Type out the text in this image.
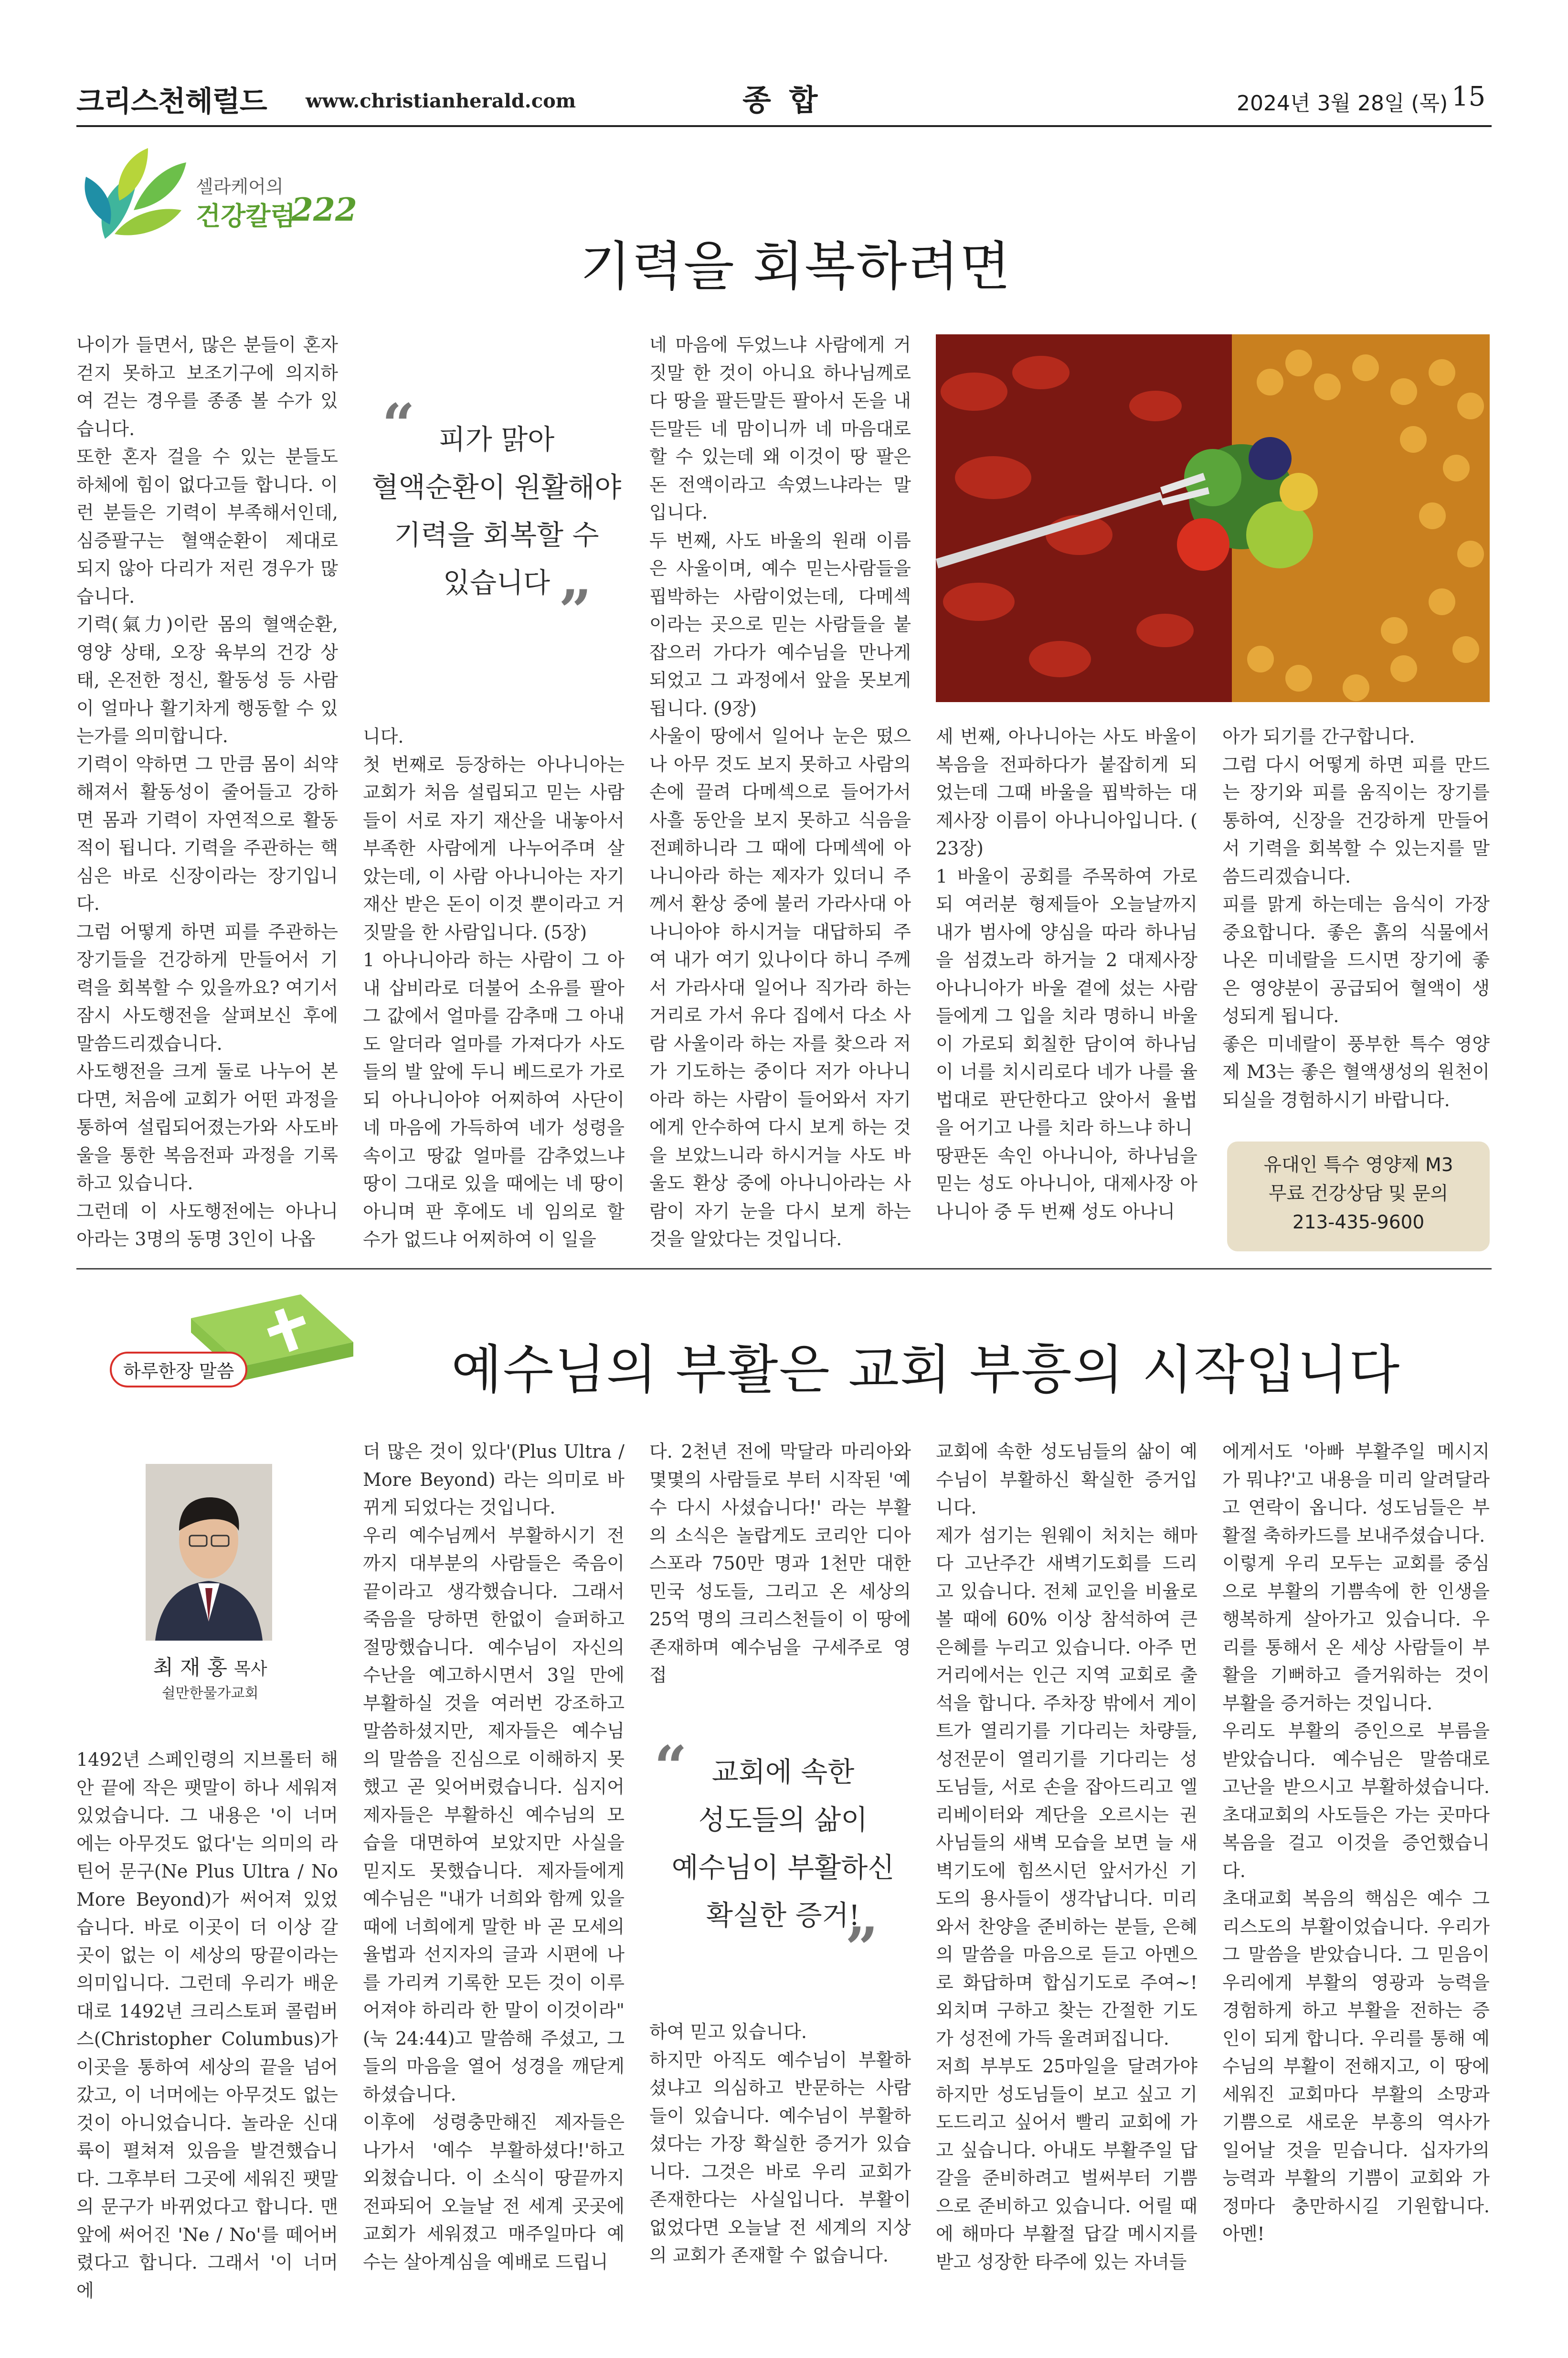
크리스천헤럴드 www.christianherald.com	종 합	2024년 3월 28일 (목) 15
셀라케어의
건강칼럼
222
기력을 회복하려면
나이가 들면서, 많은 분들이 혼자 걷지 못하고 보조기구에 의지하여 걷는 경우를 종종 볼 수가 있습니다.
또한 혼자 걸을 수 있는 분들도 하체에 힘이 없다고들 합니다. 이런 분들은 기력이 부족해서인데, 심증팔구는 혈액순환이 제대로 되지 않아 다리가 저린 경우가 많습니다.
기력(氣力)이란 몸의 혈액순환, 영양 상태, 오장 육부의 건강 상태, 온전한 정신, 활동성 등 사람이 얼마나 활기차게 행동할 수 있는가를 의미합니다.
기력이 약하면 그 만큼 몸이 쇠약해져서 활동성이 줄어들고 강하면 몸과 기력이 자연적으로 활동적이 됩니다. 기력을 주관하는 핵심은 바로 신장이라는 장기입니다.
그럼 어떻게 하면 피를 주관하는 장기들을 건강하게 만들어서 기력을 회복할 수 있을까요? 여기서 잠시 사도행전을 살펴보신 후에 말씀드리겠습니다.
사도행전을 크게 둘로 나누어 본다면, 처음에 교회가 어떤 과정을 통하여 설립되어졌는가와 사도바울을 통한 복음전파 과정을 기록하고 있습니다.
그런데 이 사도행전에는 아나니아라는 3명의 동명 3인이 나옵
“ 피가 맑아
혈액순환이 원활해야
기력을 회복할 수
있습니다 ”
니다.
첫 번째로 등장하는 아나니아는 교회가 처음 설립되고 믿는 사람들이 서로 자기 재산을 내놓아서 부족한 사람에게 나누어주며 살았는데, 이 사람 아나니아는 자기 재산 받은 돈이 이것 뿐이라고 거짓말을 한 사람입니다. (5장)
1 아나니아라 하는 사람이 그 아내 삽비라로 더불어 소유를 팔아 그 값에서 얼마를 감추매 그 아내도 알더라 얼마를 가져다가 사도들의 발 앞에 두니 베드로가 가로되 아나니아야 어찌하여 사단이 네 마음에 가득하여 네가 성령을 속이고 땅값 얼마를 감추었느냐 땅이 그대로 있을 때에는 네 땅이 아니며 판 후에도 네 임의로 할 수가 없드냐 어찌하여 이 일을
네 마음에 두었느냐 사람에게 거짓말 한 것이 아니요 하나님께로다 땅을 팔든말든 팔아서 돈을 내든말든 네 맘이니까 네 마음대로 할 수 있는데 왜 이것이 땅 팔은 돈 전액이라고 속였느냐라는 말입니다.
두 번째, 사도 바울의 원래 이름은 사울이며, 예수 믿는사람들을 핍박하는 사람이었는데, 다메섹이라는 곳으로 믿는 사람들을 붙잡으러 가다가 예수님을 만나게 되었고 그 과정에서 앞을 못보게 됩니다. (9장)
사울이 땅에서 일어나 눈은 떴으나 아무 것도 보지 못하고 사람의 손에 끌려 다메섹으로 들어가서 사흘 동안을 보지 못하고 식음을 전폐하니라 그 때에 다메섹에 아나니아라 하는 제자가 있더니 주께서 환상 중에 불러 가라사대 아나니아야 하시거늘 대답하되 주여 내가 여기 있나이다 하니 주께서 가라사대 일어나 직가라 하는 거리로 가서 유다 집에서 다소 사람 사울이라 하는 자를 찾으라 저가 기도하는 중이다 저가 아나니아라 하는 사람이 들어와서 자기에게 안수하여 다시 보게 하는 것을 보았느니라 하시거늘 사도 바울도 환상 중에 아나니아라는 사람이 자기 눈을 다시 보게 하는 것을 알았다는 것입니다.
세 번째, 아나니아는 사도 바울이 복음을 전파하다가 붙잡히게 되었는데 그때 바울을 핍박하는 대제사장 이름이 아나니아입니다. ( 23장)
1 바울이 공회를 주목하여 가로되 여러분 형제들아 오늘날까지 내가 범사에 양심을 따라 하나님을 섬겼노라 하거늘 2 대제사장 아나니아가 바울 곁에 섰는 사람들에게 그 입을 치라 명하니 바울이 가로되 회칠한 담이여 하나님이 너를 치시리로다 네가 나를 율법대로 판단한다고 앉아서 율법을 어기고 나를 치라 하느냐 하니
땅판돈 속인 아나니아, 하나님을 믿는 성도 아나니아, 대제사장 아나니아 중 두 번째 성도 아나니
아가 되기를 간구합니다.
그럼 다시 어떻게 하면 피를 만드는 장기와 피를 움직이는 장기를 통하여, 신장을 건강하게 만들어서 기력을 회복할 수 있는지를 말씀드리겠습니다.
피를 맑게 하는데는 음식이 가장 중요합니다. 좋은 흙의 식물에서 나온 미네랄을 드시면 장기에 좋은 영양분이 공급되어 혈액이 생성되게 됩니다.
좋은 미네랄이 풍부한 특수 영양제 M3는 좋은 혈액생성의 원천이 되실을 경험하시기 바랍니다.
유대인 특수 영양제 M3
무료 건강상담 및 문의
213-435-9600
하루한장 말씀	예수님의 부활은 교회 부흥의 시작입니다
최 재 홍 목사
쉴만한물가교회
1492년 스페인령의 지브롤터 해안 끝에 작은 팻말이 하나 세워져 있었습니다. 그 내용은 '이 너머에는 아무것도 없다'는 의미의 라틴어 문구(Ne Plus Ultra / No More Beyond)가 써어져 있었습니다. 바로 이곳이 더 이상 갈 곳이 없는 이 세상의 땅끝이라는 의미입니다. 그런데 우리가 배운대로 1492년 크리스토퍼 콜럼버스(Christopher Columbus)가 이곳을 통하여 세상의 끝을 넘어갔고, 이 너머에는 아무것도 없는 것이 아니었습니다. 놀라운 신대륙이 펼쳐져 있음을 발견했습니다. 그후부터 그곳에 세워진 팻말의 문구가 바뀌었다고 합니다. 맨 앞에 써어진 'Ne / No'를 떼어버렸다고 합니다. 그래서 '이 너머에
더 많은 것이 있다'(Plus Ultra / More Beyond) 라는 의미로 바뀌게 되었다는 것입니다.
우리 예수님께서 부활하시기 전까지 대부분의 사람들은 죽음이 끝이라고 생각했습니다. 그래서 죽음을 당하면 한없이 슬퍼하고 절망했습니다. 예수님이 자신의 수난을 예고하시면서 3일 만에 부활하실 것을 여러번 강조하고 말씀하셨지만, 제자들은 예수님의 말씀을 진심으로 이해하지 못했고 곧 잊어버렸습니다. 심지어 제자들은 부활하신 예수님의 모습을 대면하여 보았지만 사실을 믿지도 못했습니다. 제자들에게 예수님은 "내가 너희와 함께 있을 때에 너희에게 말한 바 곧 모세의 율법과 선지자의 글과 시편에 나를 가리켜 기록한 모든 것이 이루어져야 하리라 한 말이 이것이라"(눅 24:44)고 말씀해 주셨고, 그들의 마음을 열어 성경을 깨닫게 하셨습니다.
이후에 성령충만해진 제자들은 나가서 '예수 부활하셨다!'하고 외쳤습니다. 이 소식이 땅끝까지 전파되어 오늘날 전 세계 곳곳에 교회가 세워졌고 매주일마다 예수는 살아계심을 예배로 드립니
다. 2천년 전에 막달라 마리아와 몇몇의 사람들로 부터 시작된 '예수 다시 사셨습니다!' 라는 부활의 소식은 놀랍게도 코리안 디아스포라 750만 명과 1천만 대한민국 성도들, 그리고 온 세상의 25억 명의 크리스천들이 이 땅에 존재하며 예수님을 구세주로 영접
“ 교회에 속한
성도들의 삶이
예수님이 부활하신
확실한 증거!
”
하여 믿고 있습니다.
하지만 아직도 예수님이 부활하셨냐고 의심하고 반문하는 사람들이 있습니다. 예수님이 부활하셨다는 가장 확실한 증거가 있습니다. 그것은 바로 우리 교회가 존재한다는 사실입니다. 부활이 없었다면 오늘날 전 세계의 지상의 교회가 존재할 수 없습니다.
교회에 속한 성도님들의 삶이 예수님이 부활하신 확실한 증거입니다.
제가 섬기는 원웨이 처치는 해마다 고난주간 새벽기도회를 드리고 있습니다. 전체 교인을 비율로 볼 때에 60% 이상 참석하여 큰 은혜를 누리고 있습니다. 아주 먼 거리에서는 인근 지역 교회로 출석을 합니다. 주차장 밖에서 게이트가 열리기를 기다리는 차량들, 성전문이 열리기를 기다리는 성도님들, 서로 손을 잡아드리고 엘리베이터와 계단을 오르시는 권사님들의 새벽 모습을 보면 늘 새벽기도에 힘쓰시던 앞서가신 기도의 용사들이 생각납니다. 미리와서 찬양을 준비하는 분들, 은혜의 말씀을 마음으로 듣고 아멘으로 화답하며 합심기도로 주여~! 외치며 구하고 찾는 간절한 기도가 성전에 가득 울려퍼집니다.
저희 부부도 25마일을 달려가야 하지만 성도님들이 보고 싶고 기도드리고 싶어서 빨리 교회에 가고 싶습니다. 아내도 부활주일 답갈을 준비하려고 벌써부터 기쁨으로 준비하고 있습니다. 어릴 때에 해마다 부활절 답갈 메시지를 받고 성장한 타주에 있는 자녀들
에게서도 '아빠 부활주일 메시지가 뭐냐?'고 내용을 미리 알려달라고 연락이 옵니다. 성도님들은 부활절 축하카드를 보내주셨습니다.
이렇게 우리 모두는 교회를 중심으로 부활의 기쁨속에 한 인생을 행복하게 살아가고 있습니다. 우리를 통해서 온 세상 사람들이 부활을 기뻐하고 즐거워하는 것이 부활을 증거하는 것입니다.
우리도 부활의 증인으로 부름을 받았습니다. 예수님은 말씀대로 고난을 받으시고 부활하셨습니다. 초대교회의 사도들은 가는 곳마다 복음을 걸고 이것을 증언했습니다.
초대교회 복음의 핵심은 예수 그리스도의 부활이었습니다. 우리가 그 말씀을 받았습니다. 그 믿음이 우리에게 부활의 영광과 능력을 경험하게 하고 부활을 전하는 증인이 되게 합니다. 우리를 통해 예수님의 부활이 전해지고, 이 땅에 세워진 교회마다 부활의 소망과 기쁨으로 새로운 부흥의 역사가 일어날 것을 믿습니다. 십자가의 능력과 부활의 기쁨이 교회와 가정마다 충만하시길 기원합니다. 아멘!
